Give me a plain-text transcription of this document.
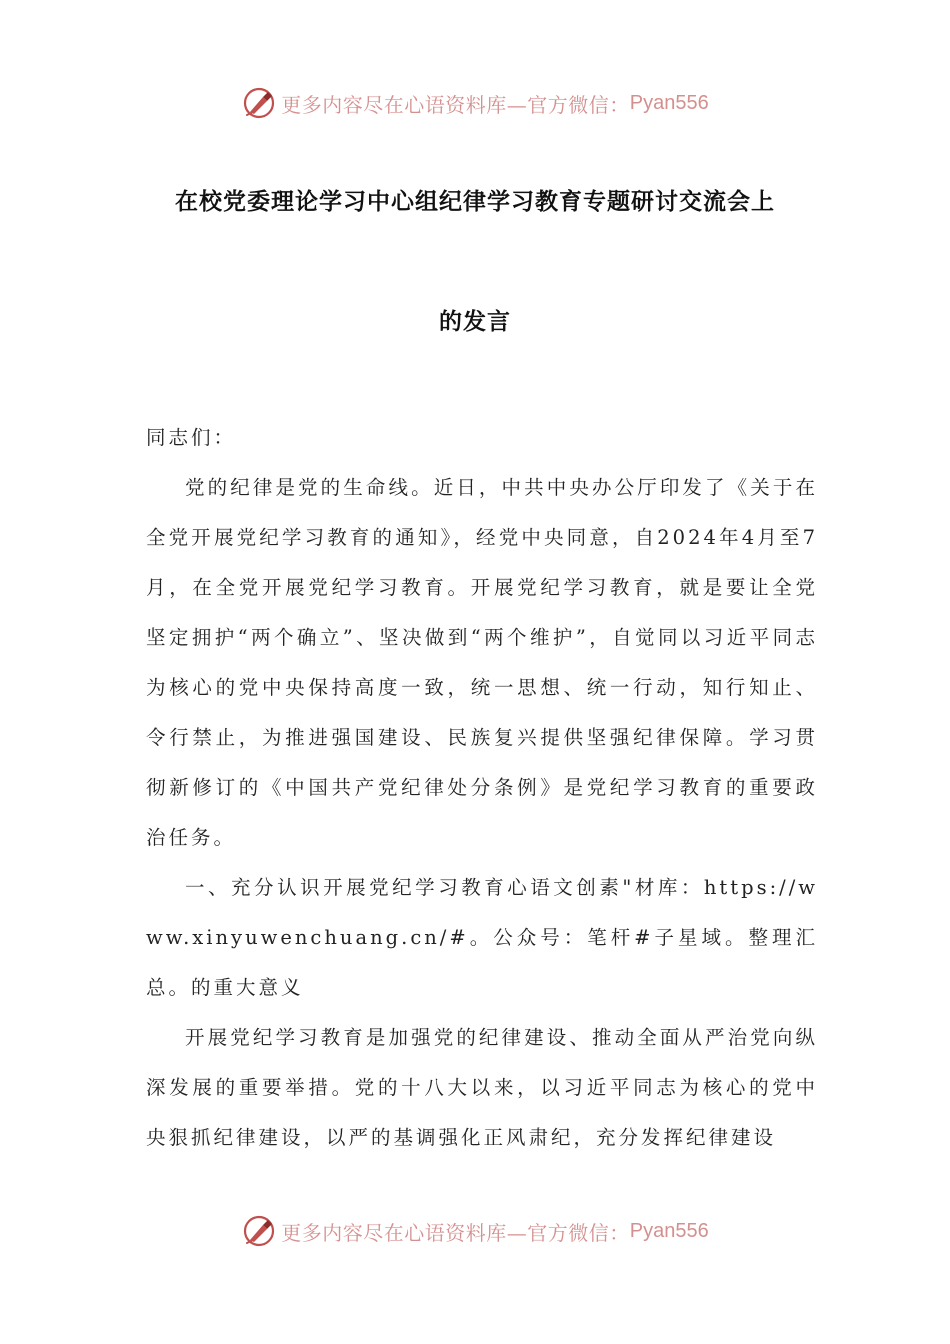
更多内容尽在心语资料库—官方微信： Pyan556
在校党委理论学习中心组纪律学习教育专题研讨交流会上
的发言

同志们：

党的纪律是党的生命线。近日，中共中央办公厅印发了《关于在全党开展党纪学习教育的通知》，经党中央同意，自2024年4月至7月，在全党开展党纪学习教育。开展党纪学习教育，就是要让全党坚定拥护“两个确立”、坚决做到“两个维护”，自觉同以习近平同志为核心的党中央保持高度一致，统一思想、统一行动，知行知止、令行禁止，为推进强国建设、民族复兴提供坚强纪律保障。学习贯彻新修订的《中国共产党纪律处分条例》是党纪学习教育的重要政治任务。

一、充分认识开展党纪学习教育心语文创素"材库：https://www.xinyuwenchuang.cn/#。公众号：笔杆#子星域。整理汇总。的重大意义

开展党纪学习教育是加强党的纪律建设、推动全面从严治党向纵深发展的重要举措。党的十八大以来，以习近平同志为核心的党中央狠抓纪律建设，以严的基调强化正风肃纪，充分发挥纪律建设

更多内容尽在心语资料库—官方微信： Pyan556
